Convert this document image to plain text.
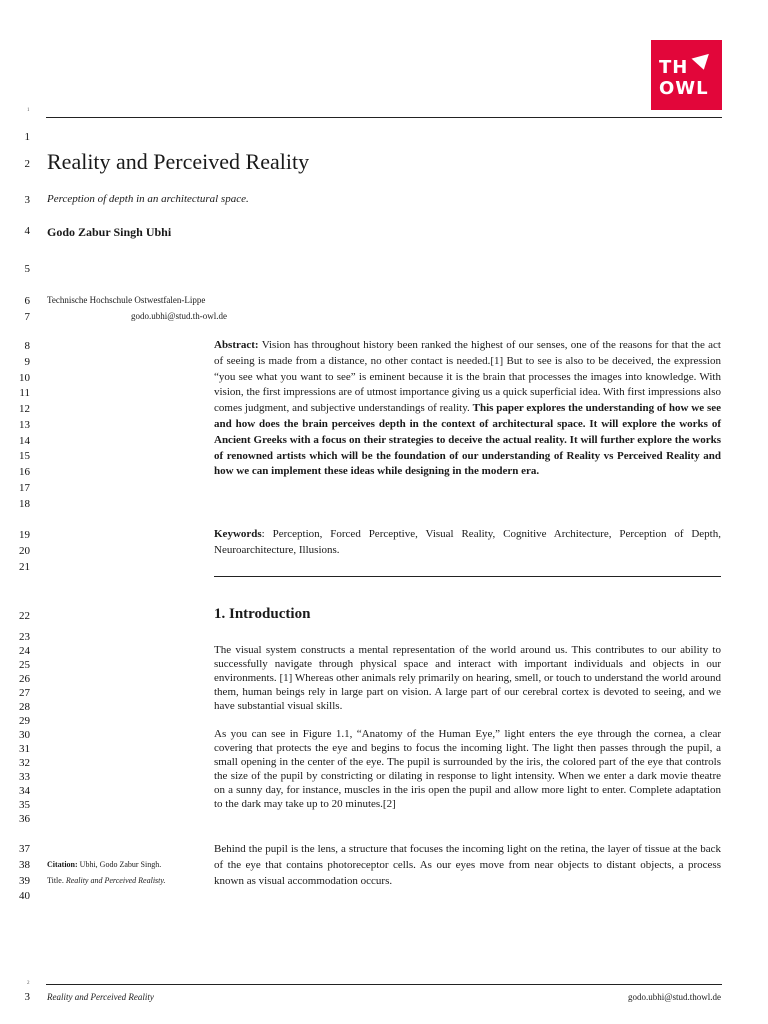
TH
OWL
1
1
2
3
4
5
6
7
8
9
10
11
12
13
14
15
16
17
18
19
20
21
22
23
24
25
26
27
28
29
30
31
32
33
34
35
36
37
38
39
40
Reality and Perceived Reality
Perception of depth in an architectural space.
Godo Zabur Singh Ubhi
Technische Hochschule Ostwestfalen-Lippe
godo.ubhi@stud.th-owl.de

Abstract: Vision has throughout history been ranked the highest of our senses, one of the reasons for that the act of seeing is made from a distance, no other contact is needed.[1] But to see is also to be deceived, the expression “you see what you want to see” is eminent because it is the brain that processes the images into knowledge. With vision, the first impressions are of utmost importance giving us a quick superficial idea. With first impressions also comes judgment, and subjective understandings of reality. This paper explores the understanding of how we see and how does the brain perceives depth in the context of architectural space. It will explore the works of Ancient Greeks with a focus on their strategies to deceive the actual reality. It will further explore the works of renowned artists which will be the foundation of our understanding of Reality vs Perceived Reality and how we can implement these ideas while designing in the modern era.

Keywords: Perception, Forced Perceptive, Visual Reality, Cognitive Architecture, Perception of Depth, Neuroarchitecture, Illusions.

1. Introduction

The visual system constructs a mental representation of the world around us. This contributes to our ability to successfully navigate through physical space and interact with important individuals and objects in our environments. [1] Whereas other animals rely primarily on hearing, smell, or touch to understand the world around them, human beings rely in large part on vision. A large part of our cerebral cortex is devoted to seeing, and we have substantial visual skills.

As you can see in Figure 1.1, “Anatomy of the Human Eye,” light enters the eye through the cornea, a clear covering that protects the eye and begins to focus the incoming light. The light then passes through the pupil, a small opening in the center of the eye. The pupil is surrounded by the iris, the colored part of the eye that controls the size of the pupil by constricting or dilating in response to light intensity. When we enter a dark movie theatre on a sunny day, for instance, muscles in the iris open the pupil and allow more light to enter. Complete adaptation to the dark may take up to 20 minutes.[2]

Behind the pupil is the lens, a structure that focuses the incoming light on the retina, the layer of tissue at the back of the eye that contains photoreceptor cells. As our eyes move from near objects to distant objects, a process known as visual accommodation occurs.

Citation: Ubhi, Godo Zabur Singh.
Title. Reality and Perceived Realisty.
2
3 Reality and Perceived Reality	godo.ubhi@stud.thowl.de
